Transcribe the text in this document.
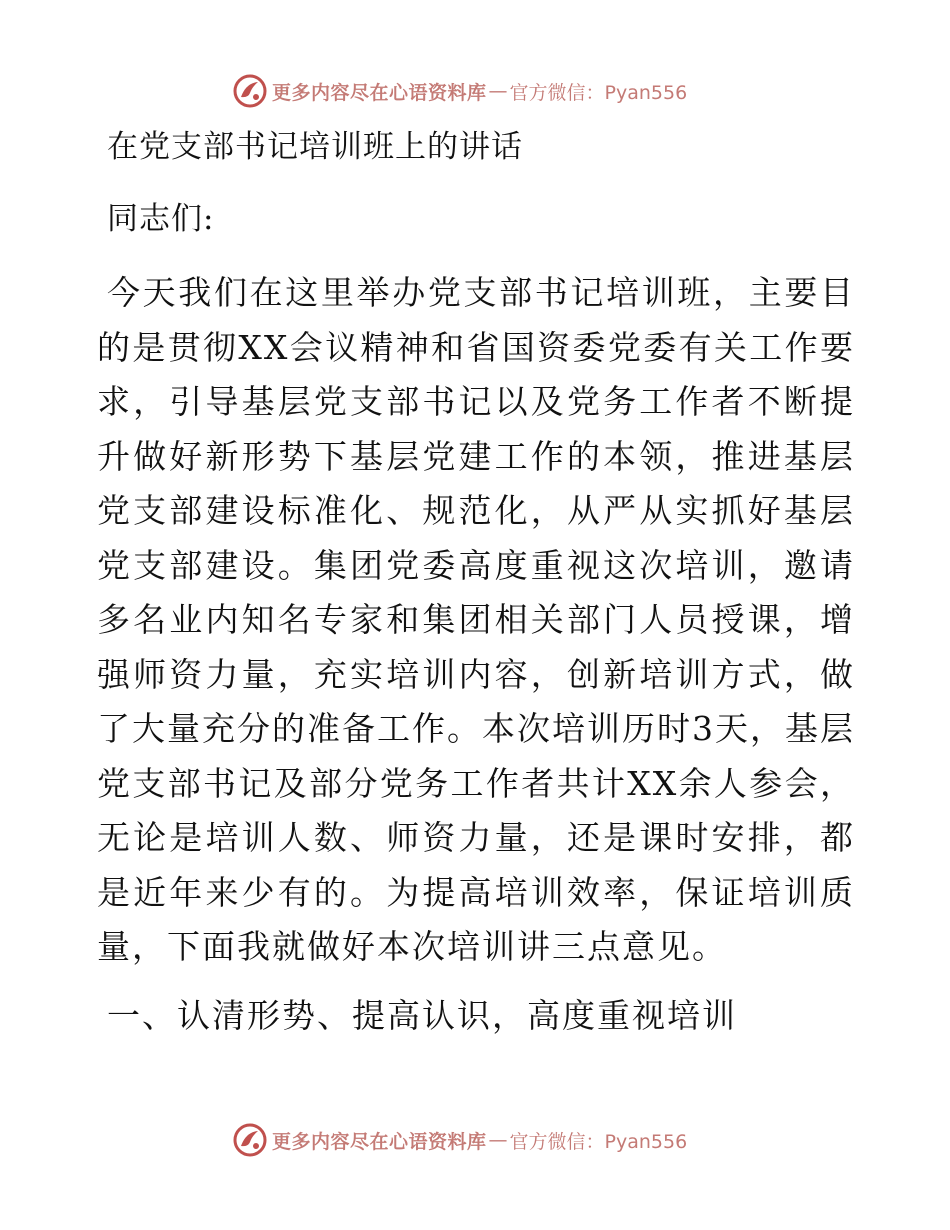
更多内容尽在心语资料库 — 官方微信：Pyan556
在党支部书记培训班上的讲话
同志们:

今天我们在这里举办党支部书记培训班，主要目的是贯彻XX会议精神和省国资委党委有关工作要求，引导基层党支部书记以及党务工作者不断提升做好新形势下基层党建工作的本领，推进基层党支部建设标准化、规范化，从严从实抓好基层党支部建设。集团党委高度重视这次培训，邀请多名业内知名专家和集团相关部门人员授课，增强师资力量，充实培训内容，创新培训方式，做了大量充分的准备工作。本次培训历时3天，基层党支部书记及部分党务工作者共计XX余人参会，无论是培训人数、师资力量，还是课时安排，都是近年来少有的。为提高培训效率，保证培训质量，下面我就做好本次培训讲三点意见。

一、认清形势、提高认识，高度重视培训
更多内容尽在心语资料库 — 官方微信：Pyan556
